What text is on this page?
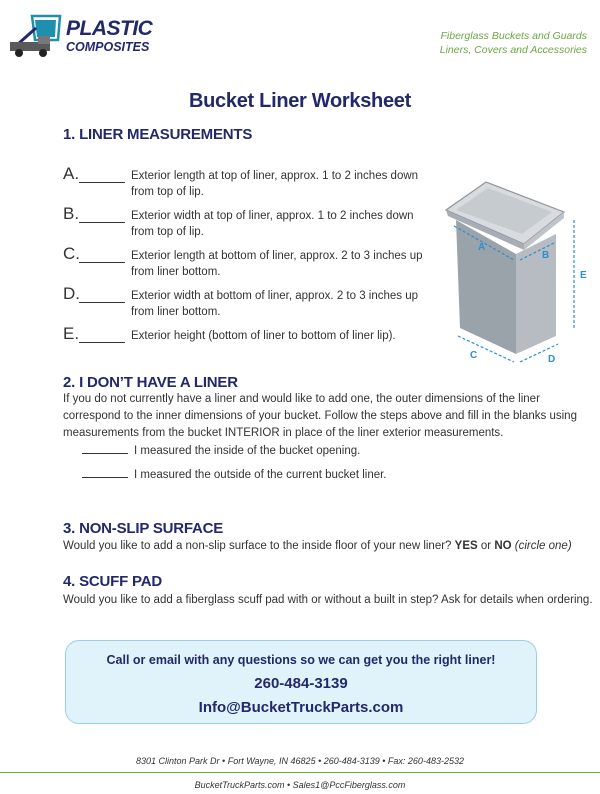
PLASTIC
COMPOSITES
Fiberglass Buckets and Guards
Liners, Covers and Accessories
Bucket Liner Worksheet
1. LINER MEASUREMENTS
A.	Exterior length at top of liner, approx. 1 to 2 inches down from top of lip.
B.	Exterior width at top of liner, approx. 1 to 2 inches down from top of lip.
C.	Exterior length at bottom of liner, approx. 2 to 3 inches up from liner bottom.
D.	Exterior width at bottom of liner, approx. 2 to 3 inches up from liner bottom.
E.	Exterior height (bottom of liner to bottom of liner lip).
A
B
C	D
E
2. I DON’T HAVE A LINER
If you do not currently have a liner and would like to add one, the outer dimensions of the liner correspond to the inner dimensions of your bucket. Follow the steps above and fill in the blanks using measurements from the bucket INTERIOR in place of the liner exterior measurements.
I measured the inside of the bucket opening.
I measured the outside of the current bucket liner.
3. NON-SLIP SURFACE
Would you like to add a non-slip surface to the inside floor of your new liner? YES or NO (circle one)
4. SCUFF PAD
Would you like to add a fiberglass scuff pad with or without a built in step? Ask for details when ordering.
Call or email with any questions so we can get you the right liner!
260-484-3139
Info@BucketTruckParts.com
8301 Clinton Park Dr • Fort Wayne, IN 46825 • 260-484-3139 • Fax: 260-483-2532
BucketTruckParts.com • Sales1@PccFiberglass.com
